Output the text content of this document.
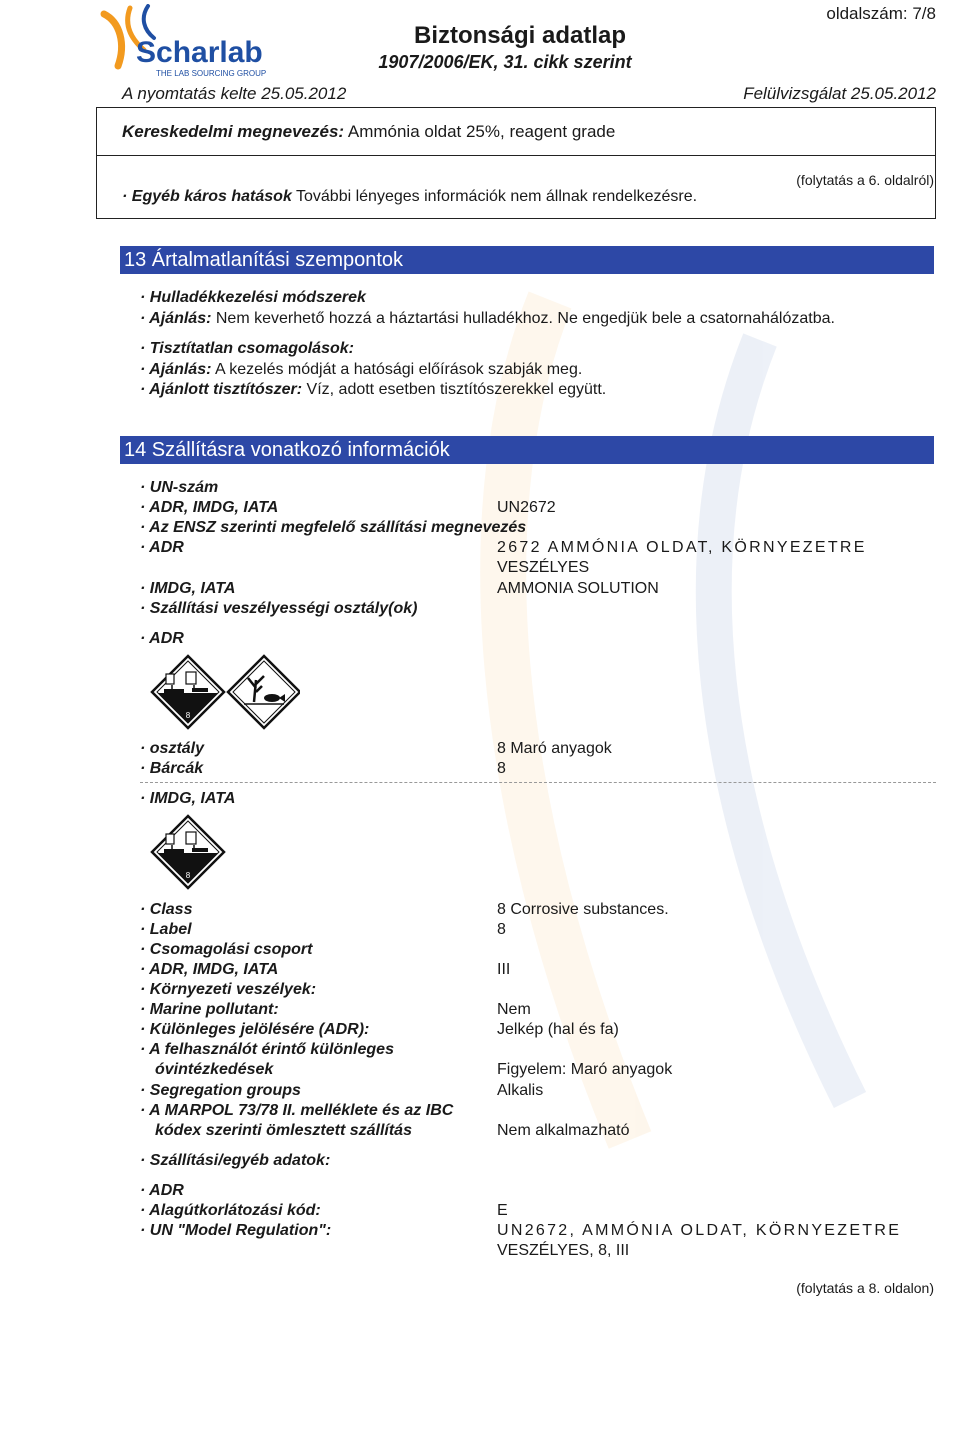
Scharlab
THE LAB SOURCING GROUP
oldalszám: 7/8
Biztonsági adatlap
1907/2006/EK, 31. cikk szerint
A nyomtatás kelte 25.05.2012	Felülvizsgálat 25.05.2012
Kereskedelmi megnevezés: Ammónia oldat 25%, reagent grade
(folytatás a 6. oldalról)
· Egyéb káros hatások További lényeges információk nem állnak rendelkezésre.
13 Ártalmatlanítási szempontok
· Hulladékkezelési módszerek
· Ajánlás: Nem keverhető hozzá a háztartási hulladékhoz. Ne engedjük bele a csatornahálózatba.
· Tisztítatlan csomagolások:
· Ajánlás: A kezelés módját a hatósági előírások szabják meg.
· Ajánlott tisztítószer: Víz, adott esetben tisztítószerekkel együtt.
14 Szállításra vonatkozó információk
· UN-szám
· ADR, IMDG, IATA	UN2672
· Az ENSZ szerinti megfelelő szállítási megnevezés
· ADR	2672 AMMÓNIA OLDAT, KÖRNYEZETRE
VESZÉLYES
· IMDG, IATA	AMMONIA SOLUTION
· Szállítási veszélyességi osztály(ok)
· ADR
8
· osztály	8 Maró anyagok
· Bárcák	8
· IMDG, IATA
8
· Class	8 Corrosive substances.
· Label	8
· Csomagolási csoport
· ADR, IMDG, IATA	III
· Környezeti veszélyek:
· Marine pollutant:	Nem
· Különleges jelölésére (ADR):	Jelkép (hal és fa)
· A felhasználót érintő különleges
óvintézkedések	Figyelem: Maró anyagok
· Segregation groups	Alkalis
· A MARPOL 73/78 II. melléklete és az IBC
kódex szerinti ömlesztett szállítás	Nem alkalmazható
· Szállítási/egyéb adatok:
· ADR
· Alagútkorlátozási kód:	E
· UN "Model Regulation":	UN2672, AMMÓNIA OLDAT, KÖRNYEZETRE
VESZÉLYES, 8, III
(folytatás a 8. oldalon)
